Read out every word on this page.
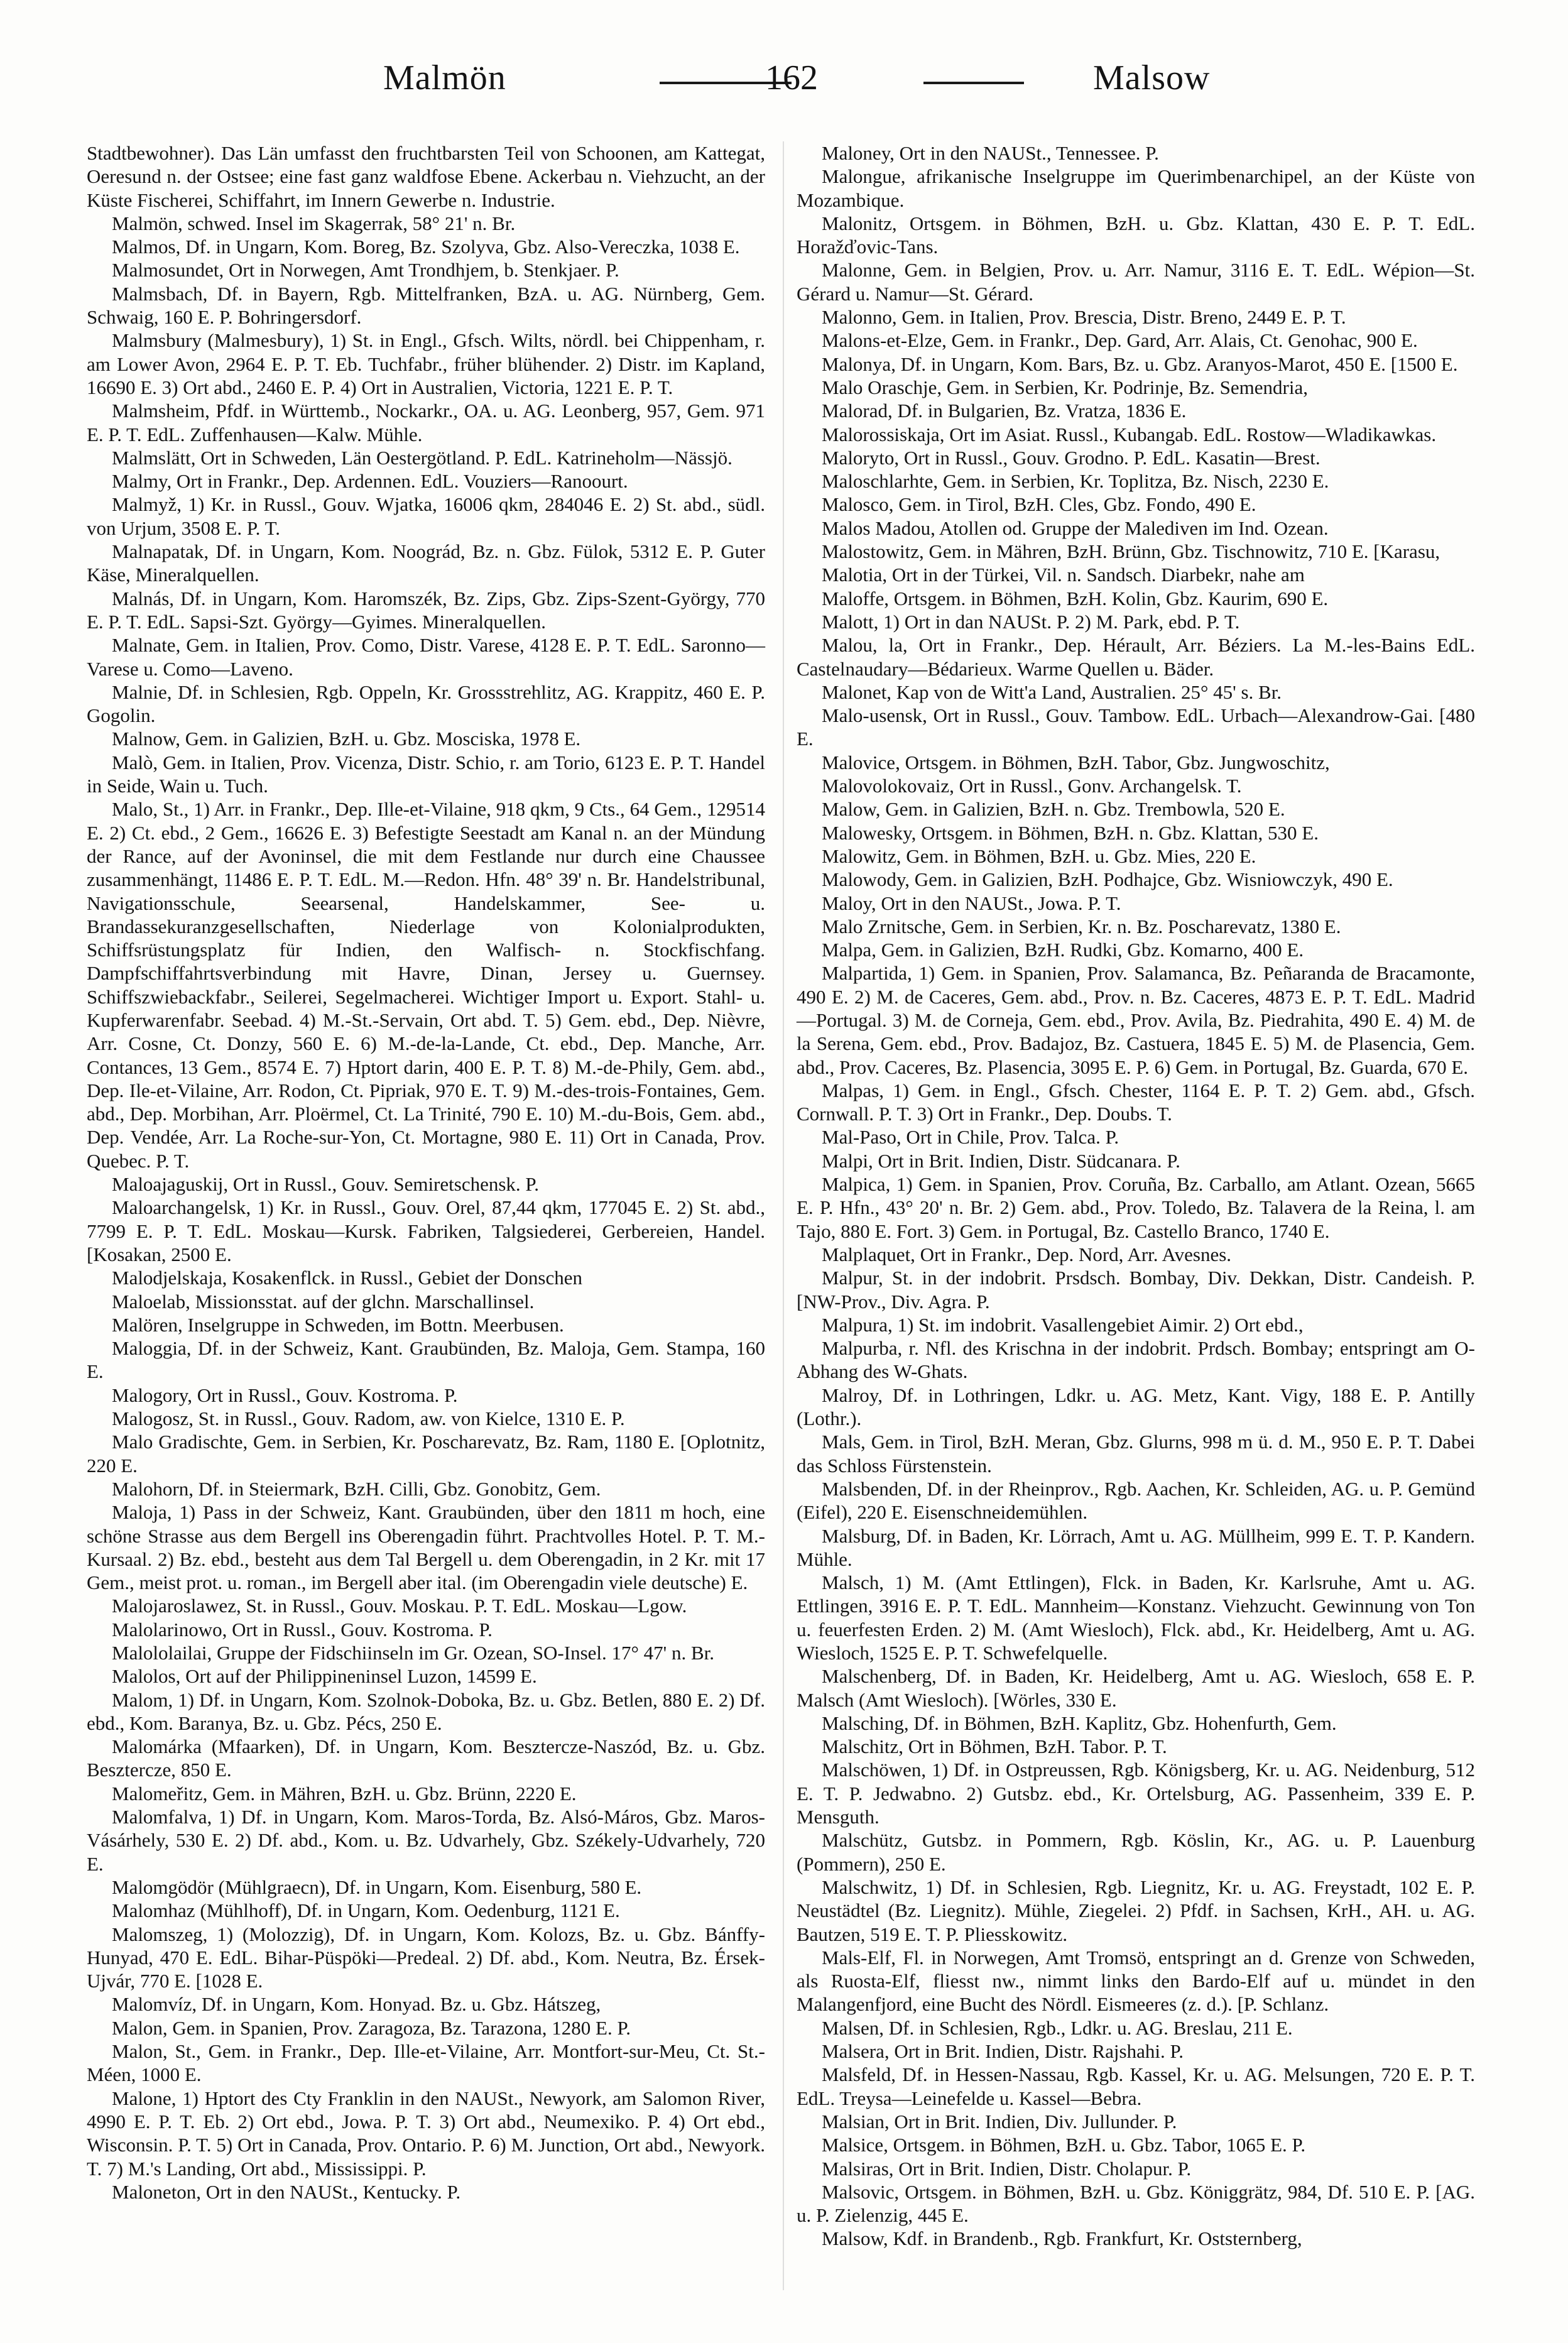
Malmön	162	Malsow

Stadtbewohner). Das Län umfasst den fruchtbarsten Teil von Schoonen, am Kattegat, Oeresund n. der Ostsee; eine fast ganz waldfose Ebene. Ackerbau n. Viehzucht, an der Küste Fischerei, Schiffahrt, im Innern Gewerbe n. Industrie.

Malmön, schwed. Insel im Skagerrak, 58° 21' n. Br.

Malmos, Df. in Ungarn, Kom. Boreg, Bz. Szolyva, Gbz. Also-Vereczka, 1038 E.

Malmosundet, Ort in Norwegen, Amt Trondhjem, b. Stenkjaer. P.

Malmsbach, Df. in Bayern, Rgb. Mittelfranken, BzA. u. AG. Nürnberg, Gem. Schwaig, 160 E. P. Bohringersdorf.

Malmsbury (Malmesbury), 1) St. in Engl., Gfsch. Wilts, nördl. bei Chippenham, r. am Lower Avon, 2964 E. P. T. Eb. Tuchfabr., früher blühender. 2) Distr. im Kapland, 16690 E. 3) Ort abd., 2460 E. P. 4) Ort in Australien, Victoria, 1221 E. P. T.

Malmsheim, Pfdf. in Württemb., Nockarkr., OA. u. AG. Leonberg, 957, Gem. 971 E. P. T. EdL. Zuffenhausen—Kalw. Mühle.

Malmslätt, Ort in Schweden, Län Oestergötland. P. EdL. Katrineholm—Nässjö.

Malmy, Ort in Frankr., Dep. Ardennen. EdL. Vouziers—Ranoourt.

Malmyž, 1) Kr. in Russl., Gouv. Wjatka, 16006 qkm, 284046 E. 2) St. abd., südl. von Urjum, 3508 E. P. T.

Malnapatak, Df. in Ungarn, Kom. Noográd, Bz. n. Gbz. Fülok, 5312 E. P. Guter Käse, Mineralquellen.

Malnás, Df. in Ungarn, Kom. Haromszék, Bz. Zips, Gbz. Zips-Szent-György, 770 E. P. T. EdL. Sapsi-Szt. György—Gyimes. Mineralquellen.

Malnate, Gem. in Italien, Prov. Como, Distr. Varese, 4128 E. P. T. EdL. Saronno—Varese u. Como—Laveno.

Malnie, Df. in Schlesien, Rgb. Oppeln, Kr. Grossstrehlitz, AG. Krappitz, 460 E. P. Gogolin.

Malnow, Gem. in Galizien, BzH. u. Gbz. Mosciska, 1978 E.

Malò, Gem. in Italien, Prov. Vicenza, Distr. Schio, r. am Torio, 6123 E. P. T. Handel in Seide, Wain u. Tuch.

Malo, St., 1) Arr. in Frankr., Dep. Ille-et-Vilaine, 918 qkm, 9 Cts., 64 Gem., 129514 E. 2) Ct. ebd., 2 Gem., 16626 E. 3) Befestigte Seestadt am Kanal n. an der Mündung der Rance, auf der Avoninsel, die mit dem Festlande nur durch eine Chaussee zusammenhängt, 11486 E. P. T. EdL. M.—Redon. Hfn. 48° 39' n. Br. Handelstribunal, Navigationsschule, Seearsenal, Handelskammer, See- u. Brandassekuranzgesellschaften, Niederlage von Kolonialprodukten, Schiffsrüstungsplatz für Indien, den Walfisch- n. Stockfischfang. Dampfschiffahrtsverbindung mit Havre, Dinan, Jersey u. Guernsey. Schiffszwiebackfabr., Seilerei, Segelmacherei. Wichtiger Import u. Export. Stahl- u. Kupferwarenfabr. Seebad. 4) M.-St.-Servain, Ort abd. T. 5) Gem. ebd., Dep. Nièvre, Arr. Cosne, Ct. Donzy, 560 E. 6) M.-de-la-Lande, Ct. ebd., Dep. Manche, Arr. Contances, 13 Gem., 8574 E. 7) Hptort darin, 400 E. P. T. 8) M.-de-Phily, Gem. abd., Dep. Ile-et-Vilaine, Arr. Rodon, Ct. Pipriak, 970 E. T. 9) M.-des-trois-Fontaines, Gem. abd., Dep. Morbihan, Arr. Ploërmel, Ct. La Trinité, 790 E. 10) M.-du-Bois, Gem. abd., Dep. Vendée, Arr. La Roche-sur-Yon, Ct. Mortagne, 980 E. 11) Ort in Canada, Prov. Quebec. P. T.

Maloajaguskij, Ort in Russl., Gouv. Semiretschensk. P.

Maloarchangelsk, 1) Kr. in Russl., Gouv. Orel, 87,44 qkm, 177045 E. 2) St. abd., 7799 E. P. T. EdL. Moskau—Kursk. Fabriken, Talgsiederei, Gerbereien, Handel. [Kosakan, 2500 E.

Malodjelskaja, Kosakenflck. in Russl., Gebiet der Donschen

Maloelab, Missionsstat. auf der glchn. Marschallinsel.

Malören, Inselgruppe in Schweden, im Bottn. Meerbusen.

Maloggia, Df. in der Schweiz, Kant. Graubünden, Bz. Maloja, Gem. Stampa, 160 E.

Malogory, Ort in Russl., Gouv. Kostroma. P.

Malogosz, St. in Russl., Gouv. Radom, aw. von Kielce, 1310 E. P.

Malo Gradischte, Gem. in Serbien, Kr. Poscharevatz, Bz. Ram, 1180 E. [Oplotnitz, 220 E.

Malohorn, Df. in Steiermark, BzH. Cilli, Gbz. Gonobitz, Gem.

Maloja, 1) Pass in der Schweiz, Kant. Graubünden, über den 1811 m hoch, eine schöne Strasse aus dem Bergell ins Oberengadin führt. Prachtvolles Hotel. P. T. M.-Kursaal. 2) Bz. ebd., besteht aus dem Tal Bergell u. dem Oberengadin, in 2 Kr. mit 17 Gem., meist prot. u. roman., im Bergell aber ital. (im Oberengadin viele deutsche) E.

Malojaroslawez, St. in Russl., Gouv. Moskau. P. T. EdL. Moskau—Lgow.

Malolarinowo, Ort in Russl., Gouv. Kostroma. P.

Malololailai, Gruppe der Fidschiinseln im Gr. Ozean, SO-Insel. 17° 47' n. Br.

Malolos, Ort auf der Philippineninsel Luzon, 14599 E.

Malom, 1) Df. in Ungarn, Kom. Szolnok-Doboka, Bz. u. Gbz. Betlen, 880 E. 2) Df. ebd., Kom. Baranya, Bz. u. Gbz. Pécs, 250 E.

Malomárka (Mfaarken), Df. in Ungarn, Kom. Besztercze-Naszód, Bz. u. Gbz. Besztercze, 850 E.

Malomeřitz, Gem. in Mähren, BzH. u. Gbz. Brünn, 2220 E.

Malomfalva, 1) Df. in Ungarn, Kom. Maros-Torda, Bz. Alsó-Máros, Gbz. Maros-Vásárhely, 530 E. 2) Df. abd., Kom. u. Bz. Udvarhely, Gbz. Székely-Udvarhely, 720 E.

Malomgödör (Mühlgraecn), Df. in Ungarn, Kom. Eisenburg, 580 E.

Malomhaz (Mühlhoff), Df. in Ungarn, Kom. Oedenburg, 1121 E.

Malomszeg, 1) (Molozzig), Df. in Ungarn, Kom. Kolozs, Bz. u. Gbz. Bánffy-Hunyad, 470 E. EdL. Bihar-Püspöki—Predeal. 2) Df. abd., Kom. Neutra, Bz. Érsek-Ujvár, 770 E. [1028 E.

Malomvíz, Df. in Ungarn, Kom. Honyad. Bz. u. Gbz. Hátszeg,

Malon, Gem. in Spanien, Prov. Zaragoza, Bz. Tarazona, 1280 E. P.

Malon, St., Gem. in Frankr., Dep. Ille-et-Vilaine, Arr. Montfort-sur-Meu, Ct. St.-Méen, 1000 E.

Malone, 1) Hptort des Cty Franklin in den NAUSt., Newyork, am Salomon River, 4990 E. P. T. Eb. 2) Ort ebd., Jowa. P. T. 3) Ort abd., Neumexiko. P. 4) Ort ebd., Wisconsin. P. T. 5) Ort in Canada, Prov. Ontario. P. 6) M. Junction, Ort abd., Newyork. T. 7) M.'s Landing, Ort abd., Mississippi. P.

Maloneton, Ort in den NAUSt., Kentucky. P.

Maloney, Ort in den NAUSt., Tennessee. P.

Malongue, afrikanische Inselgruppe im Querimbenarchipel, an der Küste von Mozambique.

Malonitz, Ortsgem. in Böhmen, BzH. u. Gbz. Klattan, 430 E. P. T. EdL. Horažďovic-Tans.

Malonne, Gem. in Belgien, Prov. u. Arr. Namur, 3116 E. T. EdL. Wépion—St. Gérard u. Namur—St. Gérard.

Malonno, Gem. in Italien, Prov. Brescia, Distr. Breno, 2449 E. P. T.

Malons-et-Elze, Gem. in Frankr., Dep. Gard, Arr. Alais, Ct. Genohac, 900 E.

Malonya, Df. in Ungarn, Kom. Bars, Bz. u. Gbz. Aranyos-Marot, 450 E. [1500 E.

Malo Oraschje, Gem. in Serbien, Kr. Podrinje, Bz. Semendria,

Malorad, Df. in Bulgarien, Bz. Vratza, 1836 E.

Malorossiskaja, Ort im Asiat. Russl., Kubangab. EdL. Rostow—Wladikawkas.

Maloryto, Ort in Russl., Gouv. Grodno. P. EdL. Kasatin—Brest.

Maloschlarhte, Gem. in Serbien, Kr. Toplitza, Bz. Nisch, 2230 E.

Malosco, Gem. in Tirol, BzH. Cles, Gbz. Fondo, 490 E.

Malos Madou, Atollen od. Gruppe der Malediven im Ind. Ozean.

Malostowitz, Gem. in Mähren, BzH. Brünn, Gbz. Tischnowitz, 710 E. [Karasu,

Malotia, Ort in der Türkei, Vil. n. Sandsch. Diarbekr, nahe am

Maloffe, Ortsgem. in Böhmen, BzH. Kolin, Gbz. Kaurim, 690 E.

Malott, 1) Ort in dan NAUSt. P. 2) M. Park, ebd. P. T.

Malou, la, Ort in Frankr., Dep. Hérault, Arr. Béziers. La M.-les-Bains EdL. Castelnaudary—Bédarieux. Warme Quellen u. Bäder.

Malonet, Kap von de Witt'a Land, Australien. 25° 45' s. Br.

Malo-usensk, Ort in Russl., Gouv. Tambow. EdL. Urbach—Alexandrow-Gai. [480 E.

Malovice, Ortsgem. in Böhmen, BzH. Tabor, Gbz. Jungwoschitz,

Malovolokovaiz, Ort in Russl., Gonv. Archangelsk. T.

Malow, Gem. in Galizien, BzH. n. Gbz. Trembowla, 520 E.

Malowesky, Ortsgem. in Böhmen, BzH. n. Gbz. Klattan, 530 E.

Malowitz, Gem. in Böhmen, BzH. u. Gbz. Mies, 220 E.

Malowody, Gem. in Galizien, BzH. Podhajce, Gbz. Wisniowczyk, 490 E.

Maloy, Ort in den NAUSt., Jowa. P. T.

Malo Zrnitsche, Gem. in Serbien, Kr. n. Bz. Poscharevatz, 1380 E.

Malpa, Gem. in Galizien, BzH. Rudki, Gbz. Komarno, 400 E.

Malpartida, 1) Gem. in Spanien, Prov. Salamanca, Bz. Peñaranda de Bracamonte, 490 E. 2) M. de Caceres, Gem. abd., Prov. n. Bz. Caceres, 4873 E. P. T. EdL. Madrid—Portugal. 3) M. de Corneja, Gem. ebd., Prov. Avila, Bz. Piedrahita, 490 E. 4) M. de la Serena, Gem. ebd., Prov. Badajoz, Bz. Castuera, 1845 E. 5) M. de Plasencia, Gem. abd., Prov. Caceres, Bz. Plasencia, 3095 E. P. 6) Gem. in Portugal, Bz. Guarda, 670 E.

Malpas, 1) Gem. in Engl., Gfsch. Chester, 1164 E. P. T. 2) Gem. abd., Gfsch. Cornwall. P. T. 3) Ort in Frankr., Dep. Doubs. T.

Mal-Paso, Ort in Chile, Prov. Talca. P.

Malpi, Ort in Brit. Indien, Distr. Südcanara. P.

Malpica, 1) Gem. in Spanien, Prov. Coruña, Bz. Carballo, am Atlant. Ozean, 5665 E. P. Hfn., 43° 20' n. Br. 2) Gem. abd., Prov. Toledo, Bz. Talavera de la Reina, l. am Tajo, 880 E. Fort. 3) Gem. in Portugal, Bz. Castello Branco, 1740 E.

Malplaquet, Ort in Frankr., Dep. Nord, Arr. Avesnes.

Malpur, St. in der indobrit. Prsdsch. Bombay, Div. Dekkan, Distr. Candeish. P. [NW-Prov., Div. Agra. P.

Malpura, 1) St. im indobrit. Vasallengebiet Aimir. 2) Ort ebd.,

Malpurba, r. Nfl. des Krischna in der indobrit. Prdsch. Bombay; entspringt am O-Abhang des W-Ghats.

Malroy, Df. in Lothringen, Ldkr. u. AG. Metz, Kant. Vigy, 188 E. P. Antilly (Lothr.).

Mals, Gem. in Tirol, BzH. Meran, Gbz. Glurns, 998 m ü. d. M., 950 E. P. T. Dabei das Schloss Fürstenstein.

Malsbenden, Df. in der Rheinprov., Rgb. Aachen, Kr. Schleiden, AG. u. P. Gemünd (Eifel), 220 E. Eisenschneidemühlen.

Malsburg, Df. in Baden, Kr. Lörrach, Amt u. AG. Müllheim, 999 E. T. P. Kandern. Mühle.

Malsch, 1) M. (Amt Ettlingen), Flck. in Baden, Kr. Karlsruhe, Amt u. AG. Ettlingen, 3916 E. P. T. EdL. Mannheim—Konstanz. Viehzucht. Gewinnung von Ton u. feuerfesten Erden. 2) M. (Amt Wiesloch), Flck. abd., Kr. Heidelberg, Amt u. AG. Wiesloch, 1525 E. P. T. Schwefelquelle.

Malschenberg, Df. in Baden, Kr. Heidelberg, Amt u. AG. Wiesloch, 658 E. P. Malsch (Amt Wiesloch). [Wörles, 330 E.

Malsching, Df. in Böhmen, BzH. Kaplitz, Gbz. Hohenfurth, Gem.

Malschitz, Ort in Böhmen, BzH. Tabor. P. T.

Malschöwen, 1) Df. in Ostpreussen, Rgb. Königsberg, Kr. u. AG. Neidenburg, 512 E. T. P. Jedwabno. 2) Gutsbz. ebd., Kr. Ortelsburg, AG. Passenheim, 339 E. P. Mensguth.

Malschütz, Gutsbz. in Pommern, Rgb. Köslin, Kr., AG. u. P. Lauenburg (Pommern), 250 E.

Malschwitz, 1) Df. in Schlesien, Rgb. Liegnitz, Kr. u. AG. Freystadt, 102 E. P. Neustädtel (Bz. Liegnitz). Mühle, Ziegelei. 2) Pfdf. in Sachsen, KrH., AH. u. AG. Bautzen, 519 E. T. P. Pliesskowitz.

Mals-Elf, Fl. in Norwegen, Amt Tromsö, entspringt an d. Grenze von Schweden, als Ruosta-Elf, fliesst nw., nimmt links den Bardo-Elf auf u. mündet in den Malangenfjord, eine Bucht des Nördl. Eismeeres (z. d.). [P. Schlanz.

Malsen, Df. in Schlesien, Rgb., Ldkr. u. AG. Breslau, 211 E.

Malsera, Ort in Brit. Indien, Distr. Rajshahi. P.

Malsfeld, Df. in Hessen-Nassau, Rgb. Kassel, Kr. u. AG. Melsungen, 720 E. P. T. EdL. Treysa—Leinefelde u. Kassel—Bebra.

Malsian, Ort in Brit. Indien, Div. Jullunder. P.

Malsice, Ortsgem. in Böhmen, BzH. u. Gbz. Tabor, 1065 E. P.

Malsiras, Ort in Brit. Indien, Distr. Cholapur. P.

Malsovic, Ortsgem. in Böhmen, BzH. u. Gbz. Königgrätz, 984, Df. 510 E. P. [AG. u. P. Zielenzig, 445 E.

Malsow, Kdf. in Brandenb., Rgb. Frankfurt, Kr. Oststernberg,
